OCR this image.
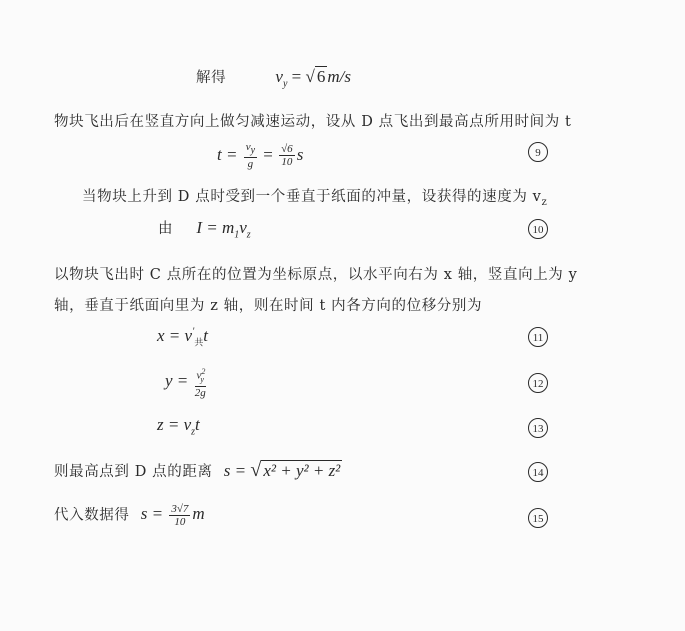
解得	$v_y$ = √ 6 m/s
物块飞出后在竖直方向上做匀减速运动，设从 D 点飞出到最高点所用时间为 t
$t = \frac{v_y}{g} = \frac{√6}{10}$ s	9
当物块上升到 D 点时受到一个垂直于纸面的冲量，设获得的速度为 $v_z$
由 $I = m_1v_z$	10
以物块飞出时 C 点所在的位置为坐标原点，以水平向右为 x 轴，竖直向上为 y
轴，垂直于纸面向里为 z 轴，则在时间 t 内各方向的位移分别为
$x = v'_共t$	11
$y = \frac{v^2_y}{2g}$	12
$z = v_zt$	13
则最高点到 D 点的距离 s = √ x² + y² + z²	14
代入数据得 $s = \frac{3√7}{10}$ m	15
